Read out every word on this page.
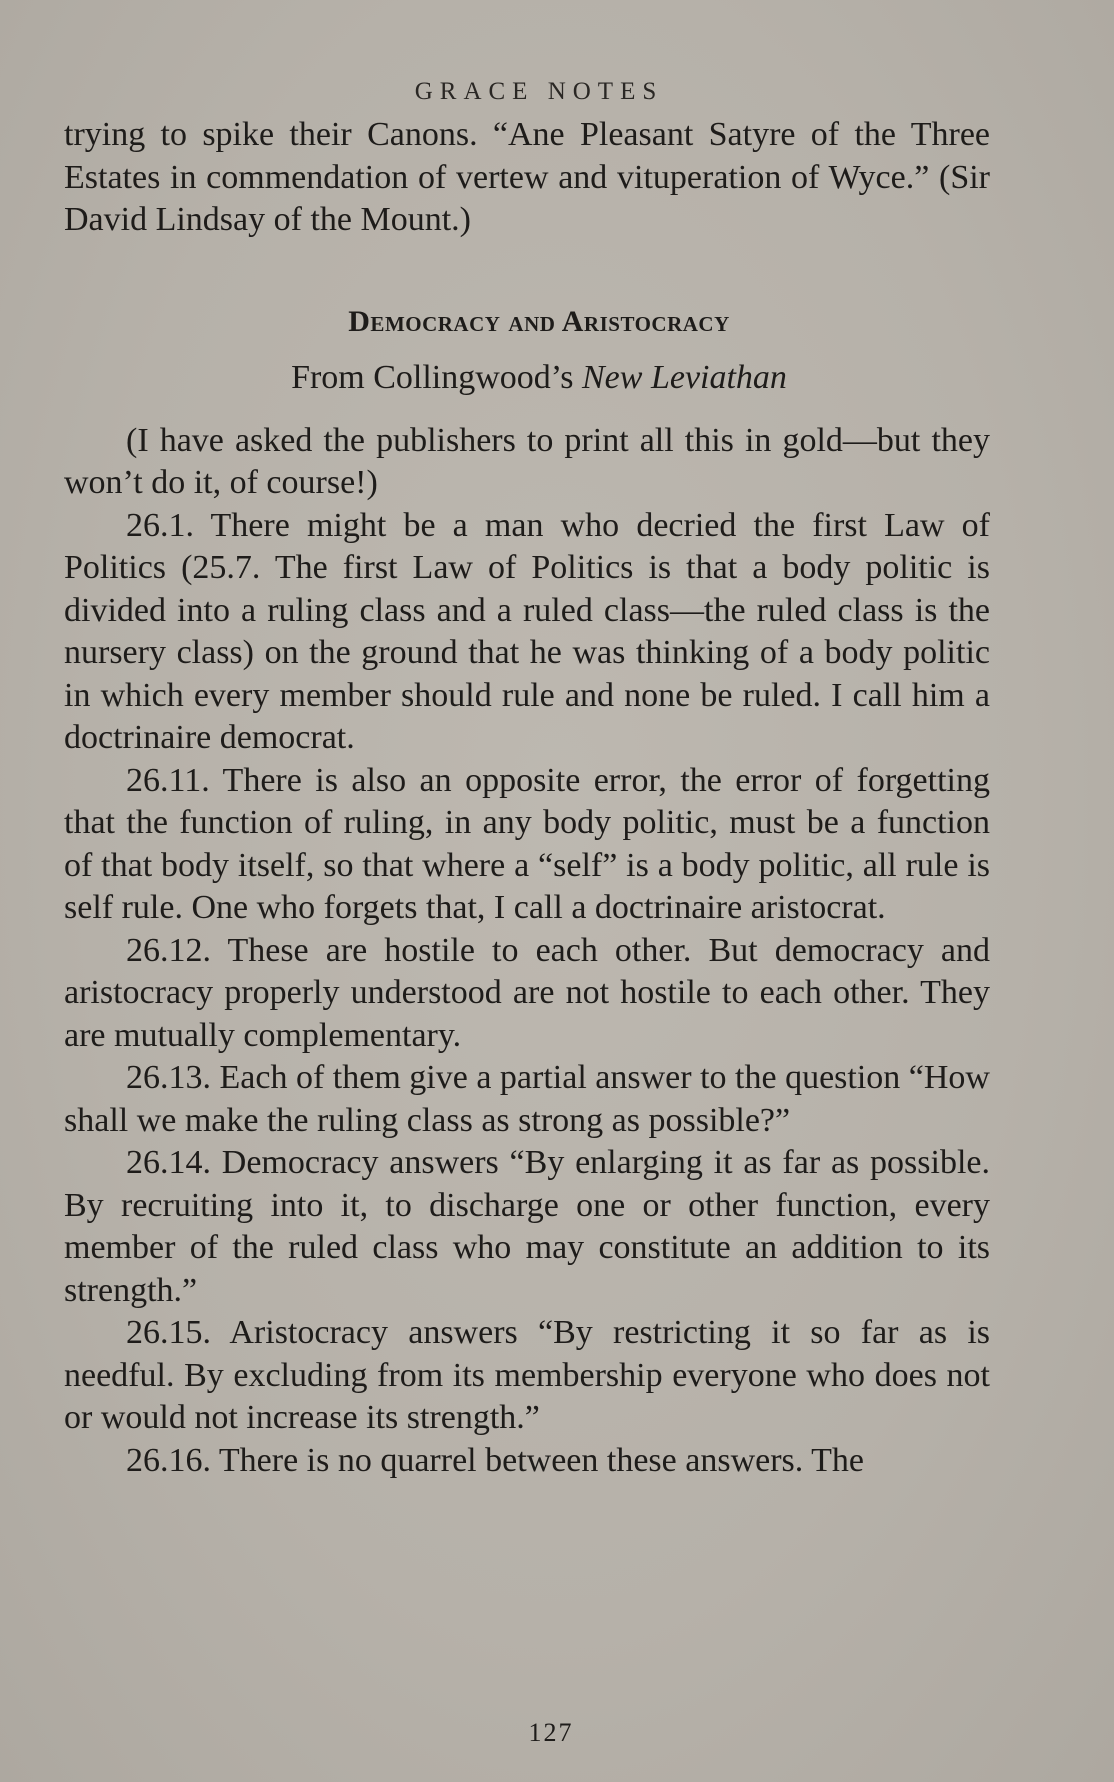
GRACE NOTES

trying to spike their Canons. “Ane Pleasant Satyre of the Three Estates in commendation of vertew and vituperation of Wyce.” (Sir David Lindsay of the Mount.)

Democracy and Aristocracy

From Collingwood’s New Leviathan

(I have asked the publishers to print all this in gold—but they won’t do it, of course!)

26.1. There might be a man who decried the first Law of Politics (25.7. The first Law of Politics is that a body politic is divided into a ruling class and a ruled class—the ruled class is the nursery class) on the ground that he was thinking of a body politic in which every member should rule and none be ruled. I call him a doctrinaire democrat.

26.11. There is also an opposite error, the error of forgetting that the function of ruling, in any body politic, must be a function of that body itself, so that where a “self” is a body politic, all rule is self rule. One who forgets that, I call a doctrinaire aristocrat.

26.12. These are hostile to each other. But democracy and aristocracy properly understood are not hostile to each other. They are mutually complementary.

26.13. Each of them give a partial answer to the question “How shall we make the ruling class as strong as possible?”

26.14. Democracy answers “By enlarging it as far as possible. By recruiting into it, to discharge one or other function, every member of the ruled class who may constitute an addition to its strength.”

26.15. Aristocracy answers “By restricting it so far as is needful. By excluding from its membership everyone who does not or would not increase its strength.”

26.16. There is no quarrel between these answers. The

127
